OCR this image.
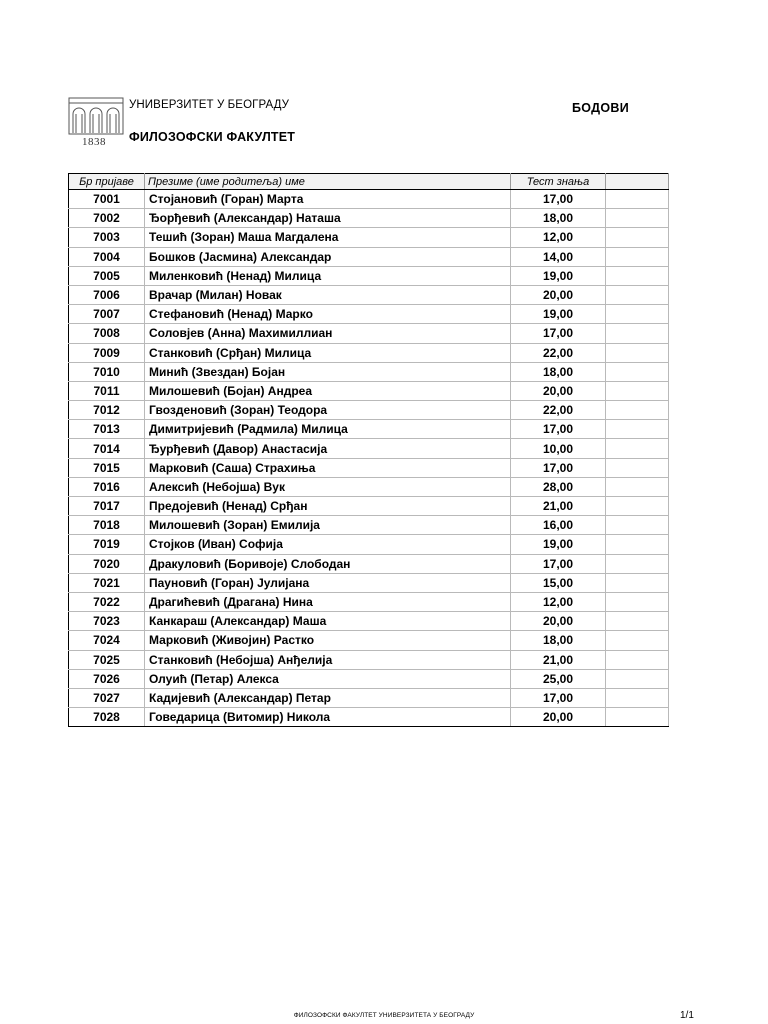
1838
УНИВЕРЗИТЕТ У БЕОГРАДУ
ФИЛОЗОФСКИ ФАКУЛТЕТ
БОДОВИ
Бр пријаве	Презиме (име родитеља) име	Тест знања	
7001	Стојановић (Горан) Марта	17,00	
7002	Ђорђевић (Александар) Наташа	18,00	
7003	Тешић (Зоран) Маша Магдалена	12,00	
7004	Бошков (Јасмина) Александар	14,00	
7005	Миленковић (Ненад) Милица	19,00	
7006	Врачар (Милан) Новак	20,00	
7007	Стефановић (Ненад) Марко	19,00	
7008	Соловјев (Анна) Махимиллиан	17,00	
7009	Станковић (Срђан) Милица	22,00	
7010	Минић (Звездан) Бојан	18,00	
7011	Милошевић (Бојан) Андреа	20,00	
7012	Гвозденовић (Зоран) Теодора	22,00	
7013	Димитријевић (Радмила) Милица	17,00	
7014	Ђурђевић (Давор) Анастасија	10,00	
7015	Марковић (Саша) Страхиња	17,00	
7016	Алексић (Небојша) Вук	28,00	
7017	Предојевић (Ненад) Срђан	21,00	
7018	Милошевић (Зоран) Емилија	16,00	
7019	Стојков (Иван) Софија	19,00	
7020	Дракуловић (Боривоје) Слободан	17,00	
7021	Пауновић (Горан) Јулијана	15,00	
7022	Драгићевић (Драгана) Нина	12,00	
7023	Канкараш (Александар) Маша	20,00	
7024	Марковић (Живојин) Растко	18,00	
7025	Станковић (Небојша) Анђелија	21,00	
7026	Олуић (Петар) Алекса	25,00	
7027	Кадијевић (Александар) Петар	17,00	
7028	Говедарица (Витомир) Никола	20,00	
ФИЛОЗОФСКИ ФАКУЛТЕТ УНИВЕРЗИТЕТА У БЕОГРАДУ	1/1
